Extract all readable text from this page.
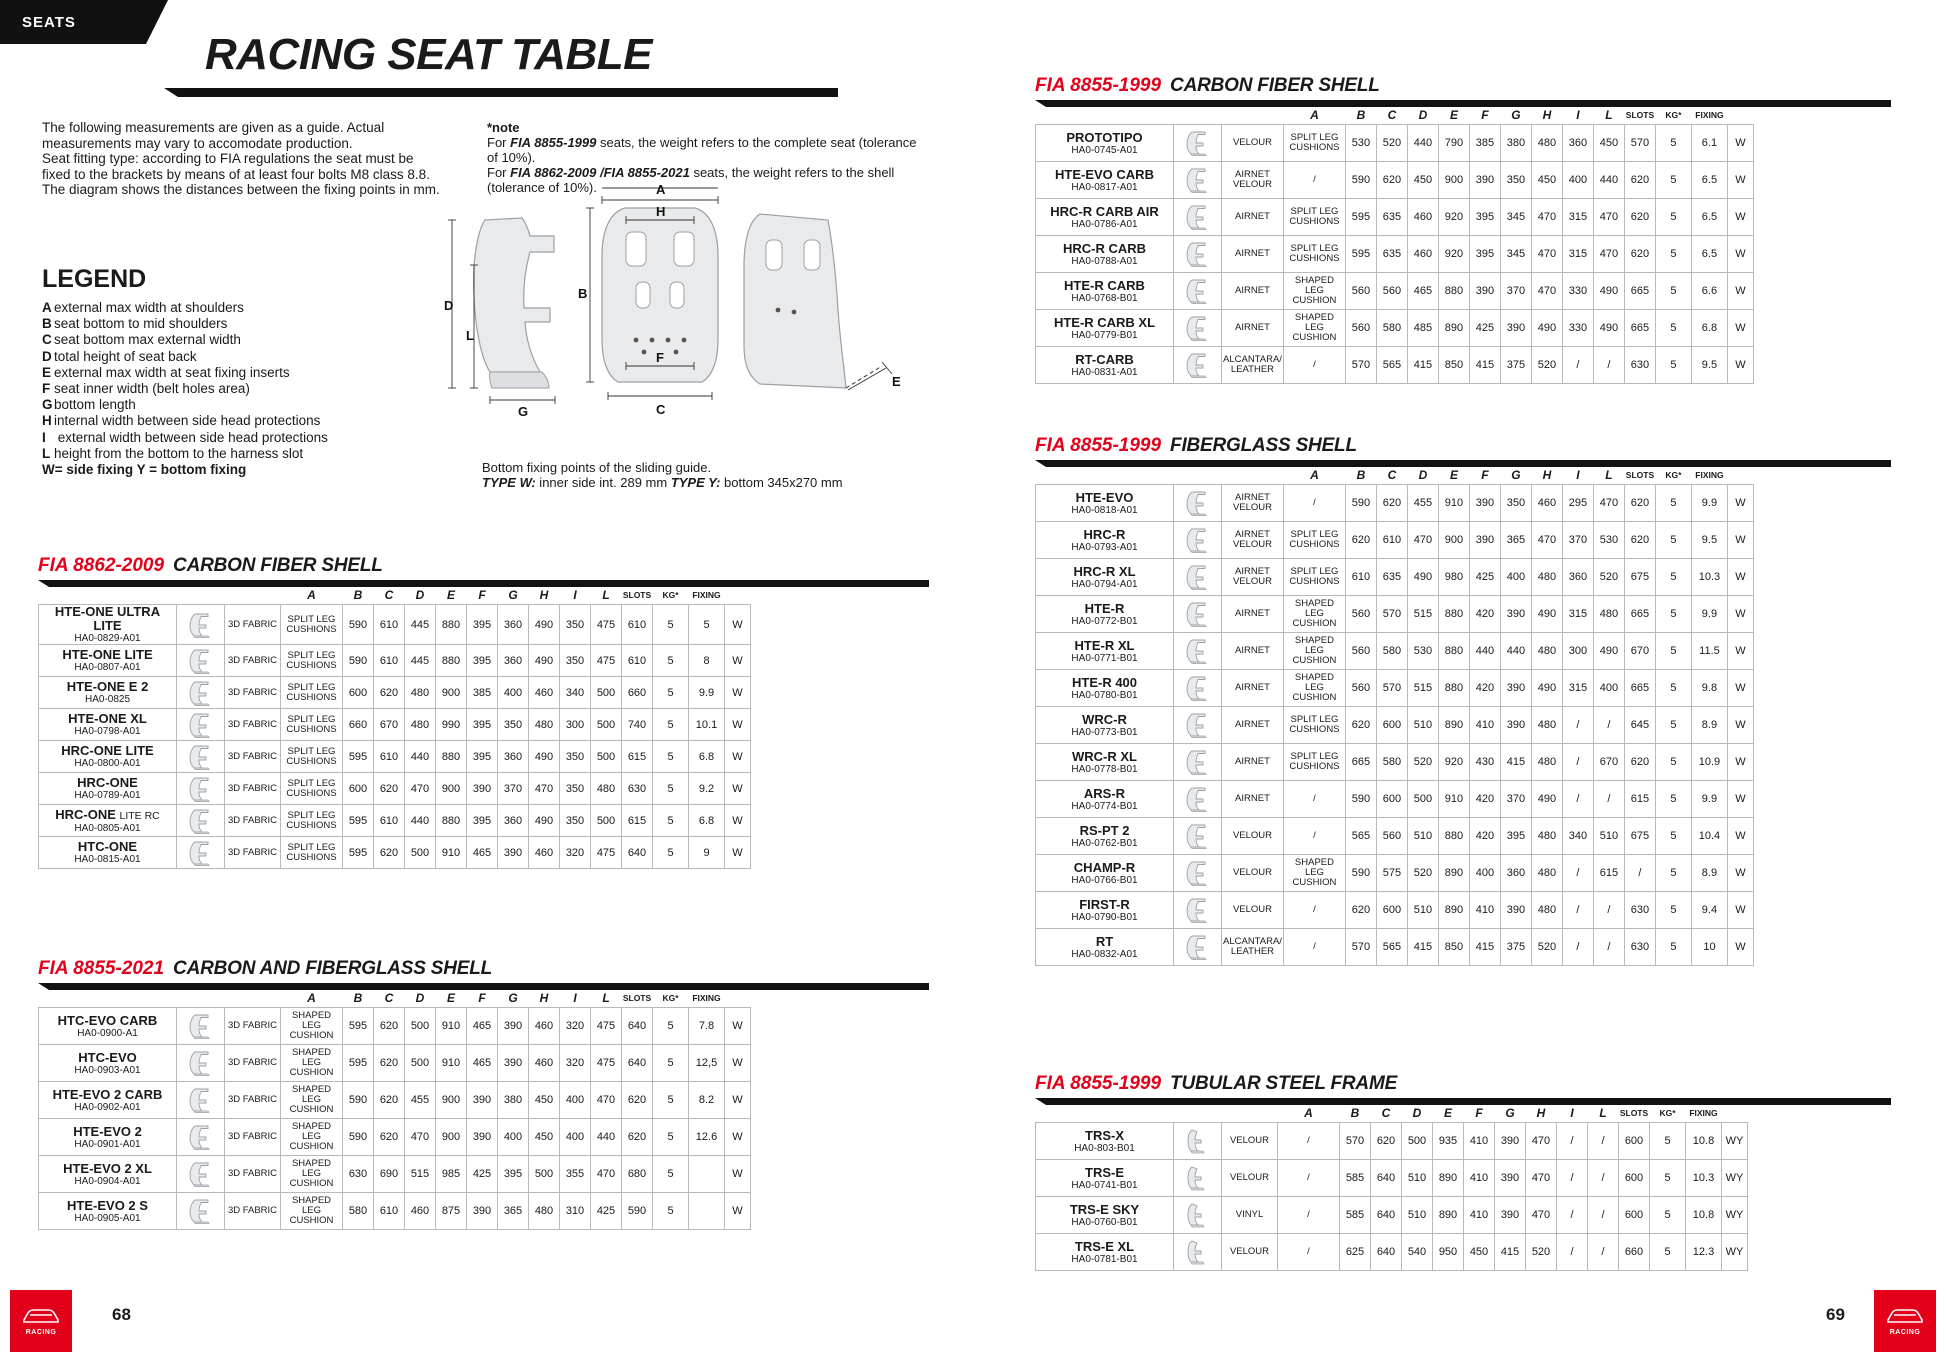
SEATS
RACING SEAT TABLE
The following measurements are given as a guide. Actual measurements may vary to accomodate production.
Seat fitting type: according to FIA regulations the seat must be fixed to the brackets by means of at least four bolts M8 class 8.8. The diagram shows the distances between the fixing points in mm.
*note
For FIA 8855-1999 seats, the weight refers to the complete seat (tolerance of 10%).
For FIA 8862-2009 /FIA 8855-2021 seats, the weight refers to the shell (tolerance of 10%).
LEGEND
A external max width at shoulders
B seat bottom to mid shoulders
C seat bottom max external width
D total height of seat back
E external max width at seat fixing inserts
F seat inner width (belt holes area)
Gbottom length
H internal width between side head protections
I external width between side head protections
L height from the bottom to the harness slot
W= side fixing Y = bottom fixing
D
L
G
A
H
B
F
C
E
Bottom fixing points of the sliding guide.
TYPE W: inner side int. 289 mm TYPE Y: bottom 345x270 mm
FIA 8862-2009 CARBON FIBER SHELL
			A	B	C	D	E	F	G	H	I	L	SLOTS	KG*	FIXING	

HTE-ONE ULTRA LITE
HA0-0829-A01		3D FABRIC	SPLIT LEG CUSHIONS	590	610	445	880	395	360	490	350	475	610	5	5	W

HTE-ONE LITE
HA0-0807-A01		3D FABRIC	SPLIT LEG CUSHIONS	590	610	445	880	395	360	490	350	475	610	5	8	W

HTE-ONE E 2
HA0-0825		3D FABRIC	SPLIT LEG CUSHIONS	600	620	480	900	385	400	460	340	500	660	5	9.9	W

HTE-ONE XL
HA0-0798-A01		3D FABRIC	SPLIT LEG CUSHIONS	660	670	480	990	395	350	480	300	500	740	5	10.1	W

HRC-ONE LITE
HA0-0800-A01		3D FABRIC	SPLIT LEG CUSHIONS	595	610	440	880	395	360	490	350	500	615	5	6.8	W

HRC-ONE
HA0-0789-A01		3D FABRIC	SPLIT LEG CUSHIONS	600	620	470	900	390	370	470	350	480	630	5	9.2	W

HRC-ONE LITE RC
HA0-0805-A01		3D FABRIC	SPLIT LEG CUSHIONS	595	610	440	880	395	360	490	350	500	615	5	6.8	W

HTC-ONE
HA0-0815-A01		3D FABRIC	SPLIT LEG CUSHIONS	595	620	500	910	465	390	460	320	475	640	5	9	W
FIA 8855-2021 CARBON AND FIBERGLASS SHELL
			A	B	C	D	E	F	G	H	I	L	SLOTS	KG*	FIXING	

HTC-EVO CARB
HA0-0900-A1		3D FABRIC	SHAPED LEG CUSHION	595	620	500	910	465	390	460	320	475	640	5	7.8	W

HTC-EVO
HA0-0903-A01		3D FABRIC	SHAPED LEG CUSHION	595	620	500	910	465	390	460	320	475	640	5	12,5	W

HTE-EVO 2 CARB
HA0-0902-A01		3D FABRIC	SHAPED LEG CUSHION	590	620	455	900	390	380	450	400	470	620	5	8.2	W

HTE-EVO 2
HA0-0901-A01		3D FABRIC	SHAPED LEG CUSHION	590	620	470	900	390	400	450	400	440	620	5	12.6	W

HTE-EVO 2 XL
HA0-0904-A01		3D FABRIC	SHAPED LEG CUSHION	630	690	515	985	425	395	500	355	470	680	5		W

HTE-EVO 2 S
HA0-0905-A01		3D FABRIC	SHAPED LEG CUSHION	580	610	460	875	390	365	480	310	425	590	5		W
FIA 8855-1999 CARBON FIBER SHELL
			A	B	C	D	E	F	G	H	I	L	SLOTS	KG*	FIXING	

PROTOTIPO
HA0-0745-A01		VELOUR	SPLIT LEG CUSHIONS	530	520	440	790	385	380	480	360	450	570	5	6.1	W

HTE-EVO CARB
HA0-0817-A01		AIRNET VELOUR	/	590	620	450	900	390	350	450	400	440	620	5	6.5	W

HRC-R CARB AIR
HA0-0786-A01		AIRNET	SPLIT LEG CUSHIONS	595	635	460	920	395	345	470	315	470	620	5	6.5	W

HRC-R CARB
HA0-0788-A01		AIRNET	SPLIT LEG CUSHIONS	595	635	460	920	395	345	470	315	470	620	5	6.5	W

HTE-R CARB
HA0-0768-B01		AIRNET	SHAPED LEG CUSHION	560	560	465	880	390	370	470	330	490	665	5	6.6	W

HTE-R CARB XL
HA0-0779-B01		AIRNET	SHAPED LEG CUSHION	560	580	485	890	425	390	490	330	490	665	5	6.8	W

RT-CARB
HA0-0831-A01		ALCANTARA/ LEATHER	/	570	565	415	850	415	375	520	/	/	630	5	9.5	W
FIA 8855-1999 FIBERGLASS SHELL
			A	B	C	D	E	F	G	H	I	L	SLOTS	KG*	FIXING	

HTE-EVO
HA0-0818-A01		AIRNET VELOUR	/	590	620	455	910	390	350	460	295	470	620	5	9.9	W

HRC-R
HA0-0793-A01		AIRNET VELOUR	SPLIT LEG CUSHIONS	620	610	470	900	390	365	470	370	530	620	5	9.5	W

HRC-R XL
HA0-0794-A01		AIRNET VELOUR	SPLIT LEG CUSHIONS	610	635	490	980	425	400	480	360	520	675	5	10.3	W

HTE-R
HA0-0772-B01		AIRNET	SHAPED LEG CUSHION	560	570	515	880	420	390	490	315	480	665	5	9.9	W

HTE-R XL
HA0-0771-B01		AIRNET	SHAPED LEG CUSHION	560	580	530	880	440	440	480	300	490	670	5	11.5	W

HTE-R 400
HA0-0780-B01		AIRNET	SHAPED LEG CUSHION	560	570	515	880	420	390	490	315	400	665	5	9.8	W

WRC-R
HA0-0773-B01		AIRNET	SPLIT LEG CUSHIONS	620	600	510	890	410	390	480	/	/	645	5	8.9	W

WRC-R XL
HA0-0778-B01		AIRNET	SPLIT LEG CUSHIONS	665	580	520	920	430	415	480	/	670	620	5	10.9	W

ARS-R
HA0-0774-B01		AIRNET	/	590	600	500	910	420	370	490	/	/	615	5	9.9	W

RS-PT 2
HA0-0762-B01		VELOUR	/	565	560	510	880	420	395	480	340	510	675	5	10.4	W

CHAMP-R
HA0-0766-B01		VELOUR	SHAPED LEG CUSHION	590	575	520	890	400	360	480	/	615	/	5	8.9	W

FIRST-R
HA0-0790-B01		VELOUR	/	620	600	510	890	410	390	480	/	/	630	5	9.4	W

RT
HA0-0832-A01		ALCANTARA/ LEATHER	/	570	565	415	850	415	375	520	/	/	630	5	10	W
FIA 8855-1999 TUBULAR STEEL FRAME
			A	B	C	D	E	F	G	H	I	L	SLOTS	KG*	FIXING	

TRS-X
HA0-803-B01		VELOUR	/	570	620	500	935	410	390	470	/	/	600	5	10.8	WY

TRS-E
HA0-0741-B01		VELOUR	/	585	640	510	890	410	390	470	/	/	600	5	10.3	WY

TRS-E SKY
HA0-0760-B01		VINYL	/	585	640	510	890	410	390	470	/	/	600	5	10.8	WY

TRS-E XL
HA0-0781-B01		VELOUR	/	625	640	540	950	450	415	520	/	/	660	5	12.3	WY
RACING
68
RACING
69
